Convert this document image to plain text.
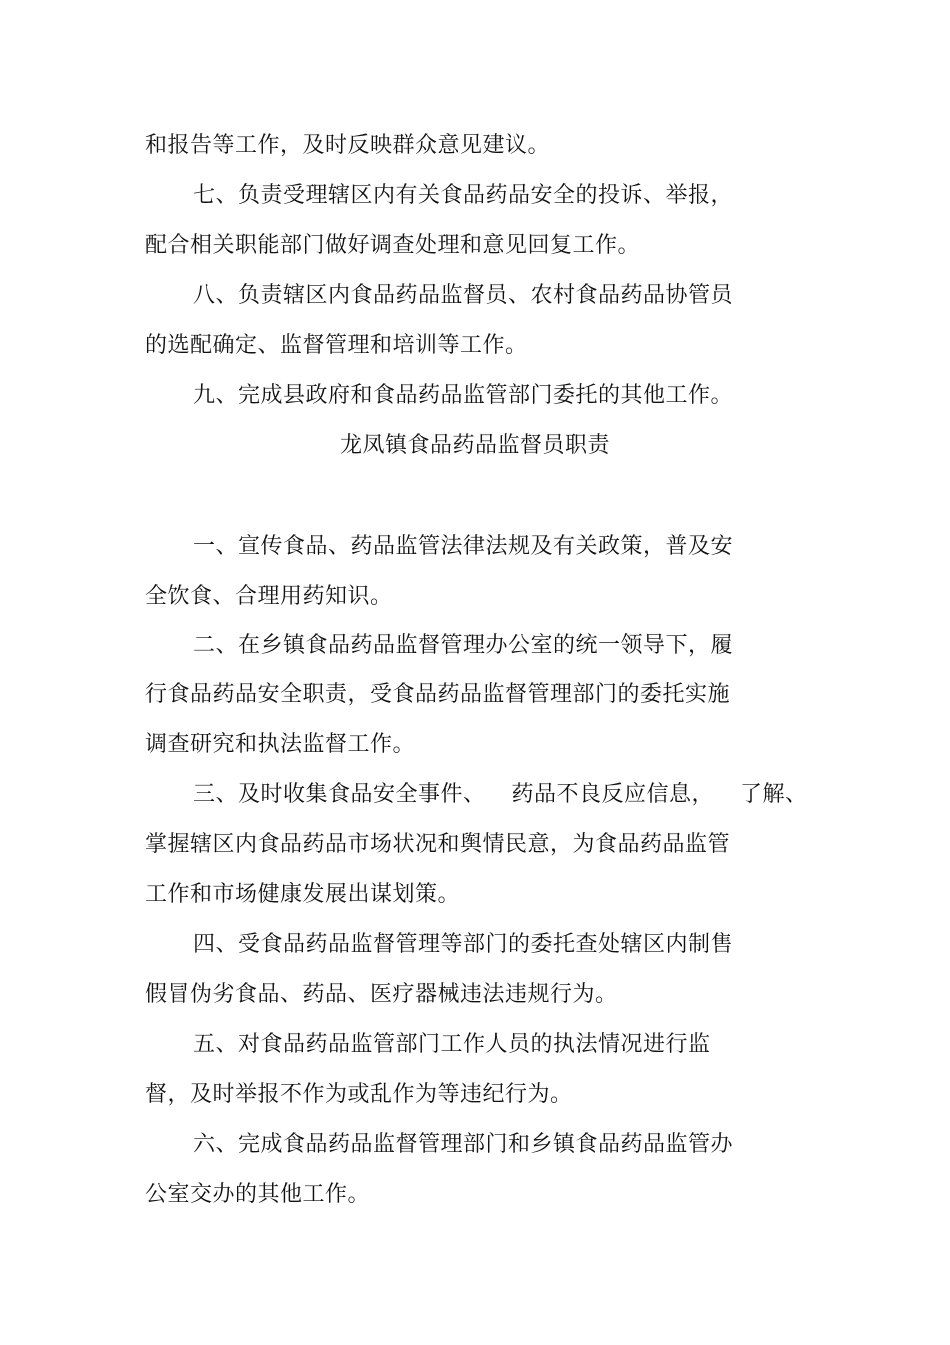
和报告等工作，及时反映群众意见建议。
七、负责受理辖区内有关食品药品安全的投诉、举报，
配合相关职能部门做好调查处理和意见回复工作。
八、负责辖区内食品药品监督员、农村食品药品协管员
的选配确定、监督管理和培训等工作。
九、完成县政府和食品药品监管部门委托的其他工作。
龙凤镇食品药品监督员职责
一、宣传食品、药品监管法律法规及有关政策，普及安
全饮食、合理用药知识。
二、在乡镇食品药品监督管理办公室的统一领导下，履
行食品药品安全职责，受食品药品监督管理部门的委托实施
调查研究和执法监督工作。
三、及时收集食品安全事件、 药品不良反应信息， 了解、
掌握辖区内食品药品市场状况和舆情民意，为食品药品监管
工作和市场健康发展出谋划策。
四、受食品药品监督管理等部门的委托查处辖区内制售
假冒伪劣食品、药品、医疗器械违法违规行为。
五、对食品药品监管部门工作人员的执法情况进行监
督，及时举报不作为或乱作为等违纪行为。
六、完成食品药品监督管理部门和乡镇食品药品监管办
公室交办的其他工作。
